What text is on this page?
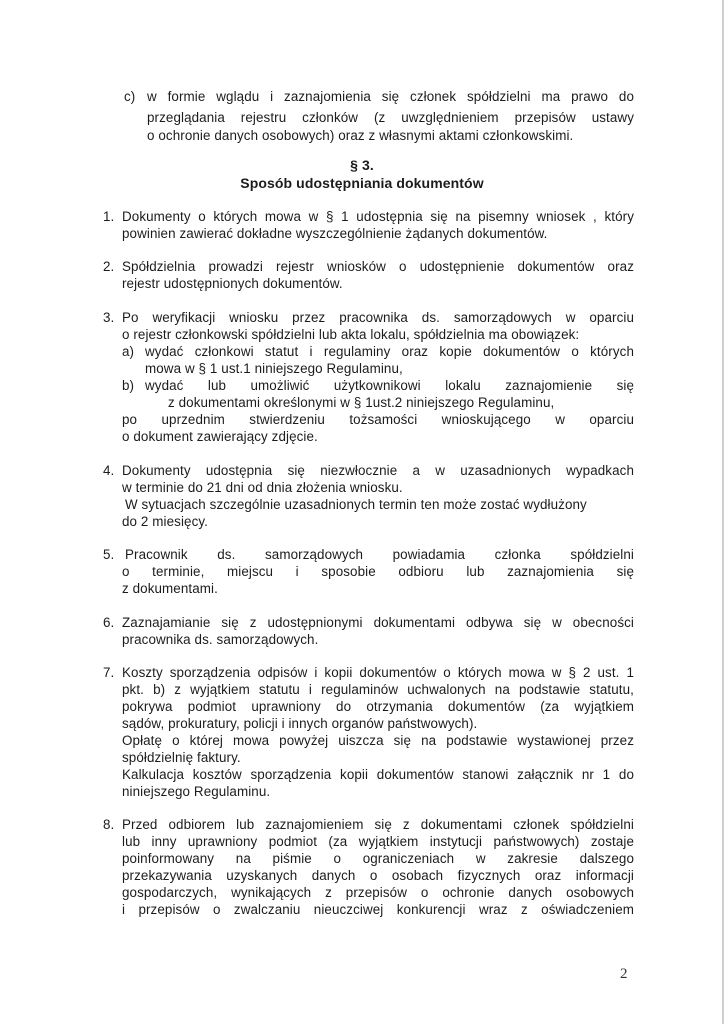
c) w formie wglądu i zaznajomienia się członek spółdzielni ma prawo do
przeglądania rejestru członków (z uwzględnieniem przepisów ustawy
o ochronie danych osobowych) oraz z własnymi aktami członkowskimi.
§ 3.
Sposób udostępniania dokumentów
1. Dokumenty o których mowa w § 1 udostępnia się na pisemny wniosek , który
powinien zawierać dokładne wyszczególnienie żądanych dokumentów.
2. Spółdzielnia prowadzi rejestr wniosków o udostępnienie dokumentów oraz
rejestr udostępnionych dokumentów.
3. Po weryfikacji wniosku przez pracownika ds. samorządowych w oparciu
o rejestr członkowski spółdzielni lub akta lokalu, spółdzielnia ma obowiązek:
a) wydać członkowi statut i regulaminy oraz kopie dokumentów o których
mowa w § 1 ust.1 niniejszego Regulaminu,
b) wydać lub umożliwić użytkownikowi lokalu zaznajomienie się
z dokumentami określonymi w § 1ust.2 niniejszego Regulaminu,
po uprzednim stwierdzeniu tożsamości wnioskującego w oparciu
o dokument zawierający zdjęcie.
4. Dokumenty udostępnia się niezwłocznie a w uzasadnionych wypadkach
w terminie do 21 dni od dnia złożenia wniosku.
W sytuacjach szczególnie uzasadnionych termin ten może zostać wydłużony
do 2 miesięcy.
5. Pracownik ds. samorządowych powiadamia członka spółdzielni
o terminie, miejscu i sposobie odbioru lub zaznajomienia się
z dokumentami.
6. Zaznajamianie się z udostępnionymi dokumentami odbywa się w obecności
pracownika ds. samorządowych.
7. Koszty sporządzenia odpisów i kopii dokumentów o których mowa w § 2 ust. 1
pkt. b) z wyjątkiem statutu i regulaminów uchwalonych na podstawie statutu,
pokrywa podmiot uprawniony do otrzymania dokumentów (za wyjątkiem
sądów, prokuratury, policji i innych organów państwowych).
Opłatę o której mowa powyżej uiszcza się na podstawie wystawionej przez
spółdzielnię faktury.
Kalkulacja kosztów sporządzenia kopii dokumentów stanowi załącznik nr 1 do
niniejszego Regulaminu.
8. Przed odbiorem lub zaznajomieniem się z dokumentami członek spółdzielni
lub inny uprawniony podmiot (za wyjątkiem instytucji państwowych) zostaje
poinformowany na piśmie o ograniczeniach w zakresie dalszego
przekazywania uzyskanych danych o osobach fizycznych oraz informacji
gospodarczych, wynikających z przepisów o ochronie danych osobowych
i przepisów o zwalczaniu nieuczciwej konkurencji wraz z oświadczeniem
2
